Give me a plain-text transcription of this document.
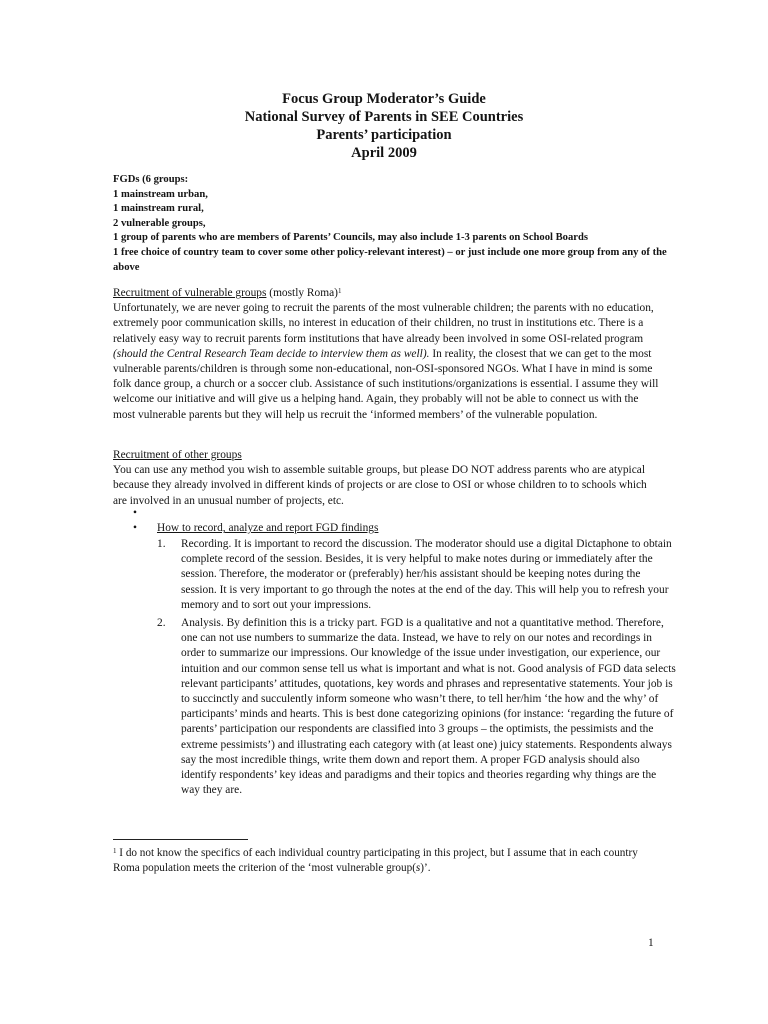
Focus Group Moderator’s Guide
National Survey of Parents in SEE Countries
Parents’ participation
April 2009
FGDs (6 groups:
1 mainstream urban,
1 mainstream rural,
2 vulnerable groups,
1 group of parents who are members of Parents’ Councils, may also include 1-3 parents on School Boards
1 free choice of country team to cover some other policy-relevant interest) – or just include one more group from any of the above
Recruitment of vulnerable groups (mostly Roma)$^1$
Unfortunately, we are never going to recruit the parents of the most vulnerable children; the parents with no education, extremely poor communication skills, no interest in education of their children, no trust in institutions etc. There is a relatively easy way to recruit parents form institutions that have already been involved in some OSI-related program (should the Central Research Team decide to interview them as well). In reality, the closest that we can get to the most vulnerable parents/children is through some non-educational, non-OSI-sponsored NGOs. What I have in mind is some folk dance group, a church or a soccer club. Assistance of such institutions/organizations is essential. I assume they will welcome our initiative and will give us a helping hand. Again, they probably will not be able to connect us with the most vulnerable parents but they will help us recruit the ‘informed members’ of the vulnerable population.
Recruitment of other groups
You can use any method you wish to assemble suitable groups, but please DO NOT address parents who are atypical because they already involved in different kinds of projects or are close to OSI or whose children to to schools which are involved in an unusual number of projects, etc.
•
• How to record, analyze and report FGD findings
1. Recording. It is important to record the discussion. The moderator should use a digital Dictaphone to obtain complete record of the session. Besides, it is very helpful to make notes during or immediately after the session. Therefore, the moderator or (preferably) her/his assistant should be keeping notes during the session. It is very important to go through the notes at the end of the day. This will help you to refresh your memory and to sort out your impressions.
2. Analysis. By definition this is a tricky part. FGD is a qualitative and not a quantitative method. Therefore, one can not use numbers to summarize the data. Instead, we have to rely on our notes and recordings in order to summarize our impressions. Our knowledge of the issue under investigation, our experience, our intuition and our common sense tell us what is important and what is not. Good analysis of FGD data selects relevant participants’ attitudes, quotations, key words and phrases and representative statements. Your job is to succinctly and succulently inform someone who wasn’t there, to tell her/him ‘the how and the why’ of participants’ minds and hearts. This is best done categorizing opinions (for instance: ‘regarding the future of parents’ participation our respondents are classified into 3 groups – the optimists, the pessimists and the extreme pessimists’) and illustrating each category with (at least one) juicy statements. Respondents always say the most incredible things, write them down and report them. A proper FGD analysis should also identify respondents’ key ideas and paradigms and their topics and theories regarding why things are the way they are.
$^1$ I do not know the specifics of each individual country participating in this project, but I assume that in each country Roma population meets the criterion of the ‘most vulnerable group(s)’.
1
